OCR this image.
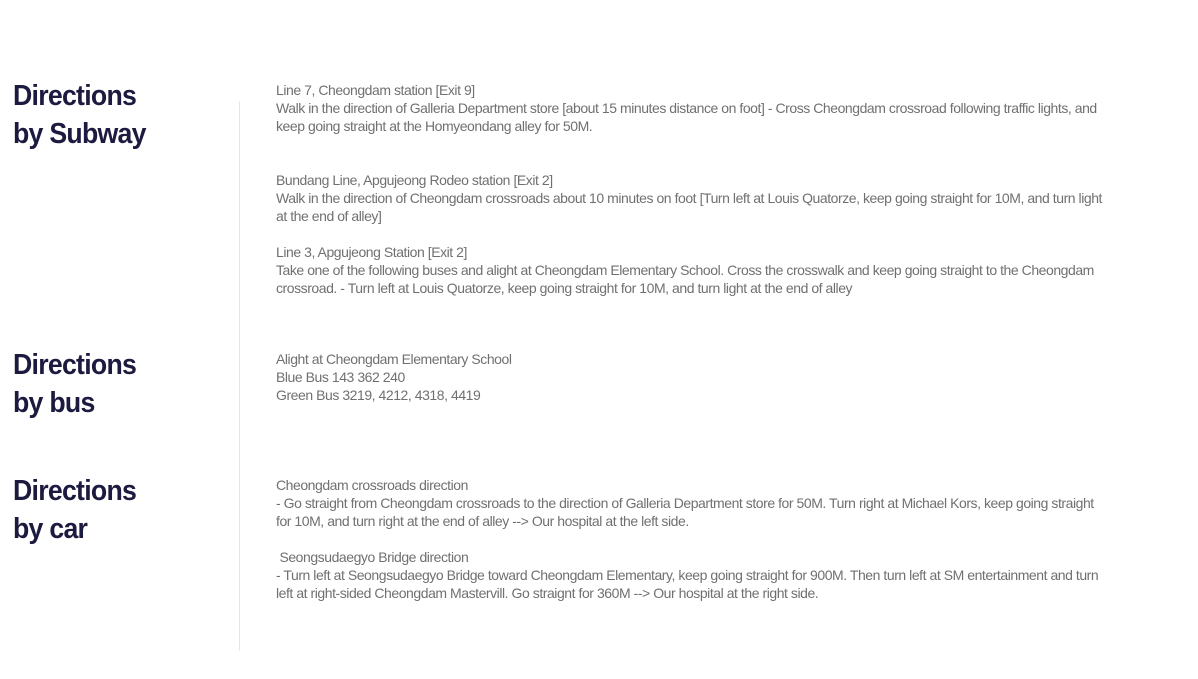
Directions
by Subway
Line 7, Cheongdam station [Exit 9]
Walk in the direction of Galleria Department store [about 15 minutes distance on foot] - Cross Cheongdam crossroad following traffic lights, and
keep going straight at the Homyeondang alley for 50M.
Bundang Line, Apgujeong Rodeo station [Exit 2]
Walk in the direction of Cheongdam crossroads about 10 minutes on foot [Turn left at Louis Quatorze, keep going straight for 10M, and turn light
at the end of alley]
Line 3, Apgujeong Station [Exit 2]
Take one of the following buses and alight at Cheongdam Elementary School. Cross the crosswalk and keep going straight to the Cheongdam
crossroad. - Turn left at Louis Quatorze, keep going straight for 10M, and turn light at the end of alley
Directions
by bus
Alight at Cheongdam Elementary School
Blue Bus 143 362 240
Green Bus 3219, 4212, 4318, 4419
Directions
by car
Cheongdam crossroads direction
- Go straight from Cheongdam crossroads to the direction of Galleria Department store for 50M. Turn right at Michael Kors, keep going straight
for 10M, and turn right at the end of alley --> Our hospital at the left side.
Seongsudaegyo Bridge direction
- Turn left at Seongsudaegyo Bridge toward Cheongdam Elementary, keep going straight for 900M. Then turn left at SM entertainment and turn
left at right-sided Cheongdam Mastervill. Go straignt for 360M --> Our hospital at the right side.
